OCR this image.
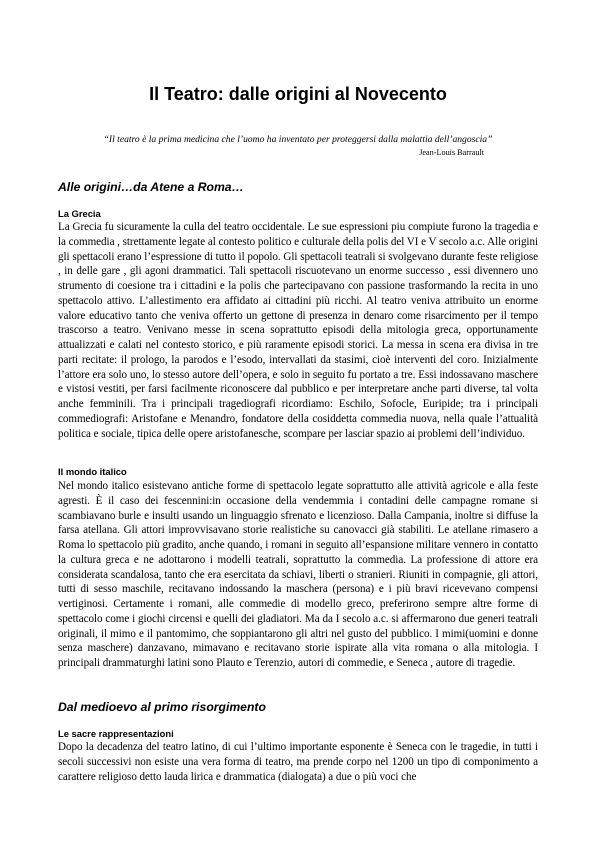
Il Teatro: dalle origini al Novecento

“Il teatro è la prima medicina che l’uomo ha inventato per proteggersi dalla malattia dell’angoscia”

Jean-Louis Barrault

Alle origini…da Atene a Roma…
La Grecia

La Grecia fu sicuramente la culla del teatro occidentale. Le sue espressioni piu compiute furono la tragedia e la commedia , strettamente legate al contesto politico e culturale della polis del VI e V secolo a.c. Alle origini gli spettacoli erano l’espressione di tutto il popolo. Gli spettacoli teatrali si svolgevano durante feste religiose , in delle gare , gli agoni drammatici. Tali spettacoli riscuotevano un enorme successo , essi divennero uno strumento di coesione tra i cittadini e la polis che partecipavano con passione trasformando la recita in uno spettacolo attivo. L’allestimento era affidato ai cittadini più ricchi. Al teatro veniva attribuito un enorme valore educativo tanto che veniva offerto un gettone di presenza in denaro come risarcimento per il tempo trascorso a teatro. Venivano messe in scena soprattutto episodi della mitologia greca, opportunamente attualizzati e calati nel contesto storico, e più raramente episodi storici. La messa in scena era divisa in tre parti recitate: il prologo, la parodos e l’esodo, intervallati da stasimi, cioè interventi del coro. Inizialmente l’attore era solo uno, lo stesso autore dell’opera, e solo in seguito fu portato a tre. Essi indossavano maschere e vistosi vestiti, per farsi facilmente riconoscere dal pubblico e per interpretare anche parti diverse, tal volta anche femminili. Tra i principali tragediografi ricordiamo: Eschilo, Sofocle, Euripide; tra i principali commediografi: Aristofane e Menandro, fondatore della cosiddetta commedia nuova, nella quale l’attualità politica e sociale, tipica delle opere aristofanesche, scompare per lasciar spazio ai problemi dell’individuo.

Il mondo italico

Nel mondo italico esistevano antiche forme di spettacolo legate soprattutto alle attività agricole e alla feste agresti. È il caso dei fescennini:in occasione della vendemmia i contadini delle campagne romane si scambiavano burle e insulti usando un linguaggio sfrenato e licenzioso. Dalla Campania, inoltre si diffuse la farsa atellana. Gli attori improvvisavano storie realistiche su canovacci già stabiliti. Le atellane rimasero a Roma lo spettacolo più gradito, anche quando, i romani in seguito all’espansione militare vennero in contatto la cultura greca e ne adottarono i modelli teatrali, soprattutto la commedia. La professione di attore era considerata scandalosa, tanto che era esercitata da schiavi, liberti o stranieri. Riuniti in compagnie, gli attori, tutti di sesso maschile, recitavano indossando la maschera (persona) e i più bravi ricevevano compensi vertiginosi. Certamente i romani, alle commedie di modello greco, preferirono sempre altre forme di spettacolo come i giochi circensi e quelli dei gladiatori. Ma da I secolo a.c. si affermarono due generi teatrali originali, il mimo e il pantomimo, che soppiantarono gli altri nel gusto del pubblico. I mimi(uomini e donne senza maschere) danzavano, mimavano e recitavano storie ispirate alla vita romana o alla mitologia. I principali drammaturghi latini sono Plauto e Terenzio, autori di commedie, e Seneca , autore di tragedie.

Dal medioevo al primo risorgimento
Le sacre rappresentazioni

Dopo la decadenza del teatro latino, di cui l’ultimo importante esponente è Seneca con le tragedie, in tutti i secoli successivi non esiste una vera forma di teatro, ma prende corpo nel 1200 un tipo di componimento a carattere religioso detto lauda lirica e drammatica (dialogata) a due o più voci che
